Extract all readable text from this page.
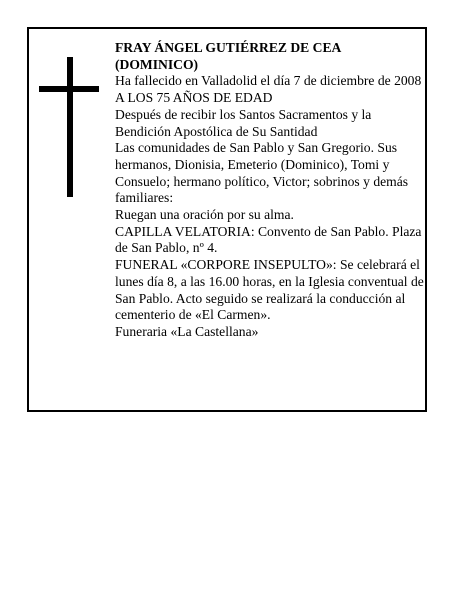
FRAY ÁNGEL GUTIÉRREZ DE CEA

(DOMINICO)

Ha fallecido en Valladolid el día 7 de diciembre de 2008

A LOS 75 AÑOS DE EDAD

Después de recibir los Santos Sacramentos y la Bendición Apostólica de Su Santidad

Las comunidades de San Pablo y San Gregorio. Sus hermanos, Dionisia, Emeterio (Dominico), Tomi y Consuelo; hermano político, Victor; sobrinos y demás familiares:

Ruegan una oración por su alma.

CAPILLA VELATORIA: Convento de San Pablo. Plaza de San Pablo, nº 4.

FUNERAL «CORPORE INSEPULTO»: Se celebrará el lunes día 8, a las 16.00 horas, en la Iglesia conventual de San Pablo. Acto seguido se realizará la conducción al cementerio de «El Carmen».

Funeraria «La Castellana»
